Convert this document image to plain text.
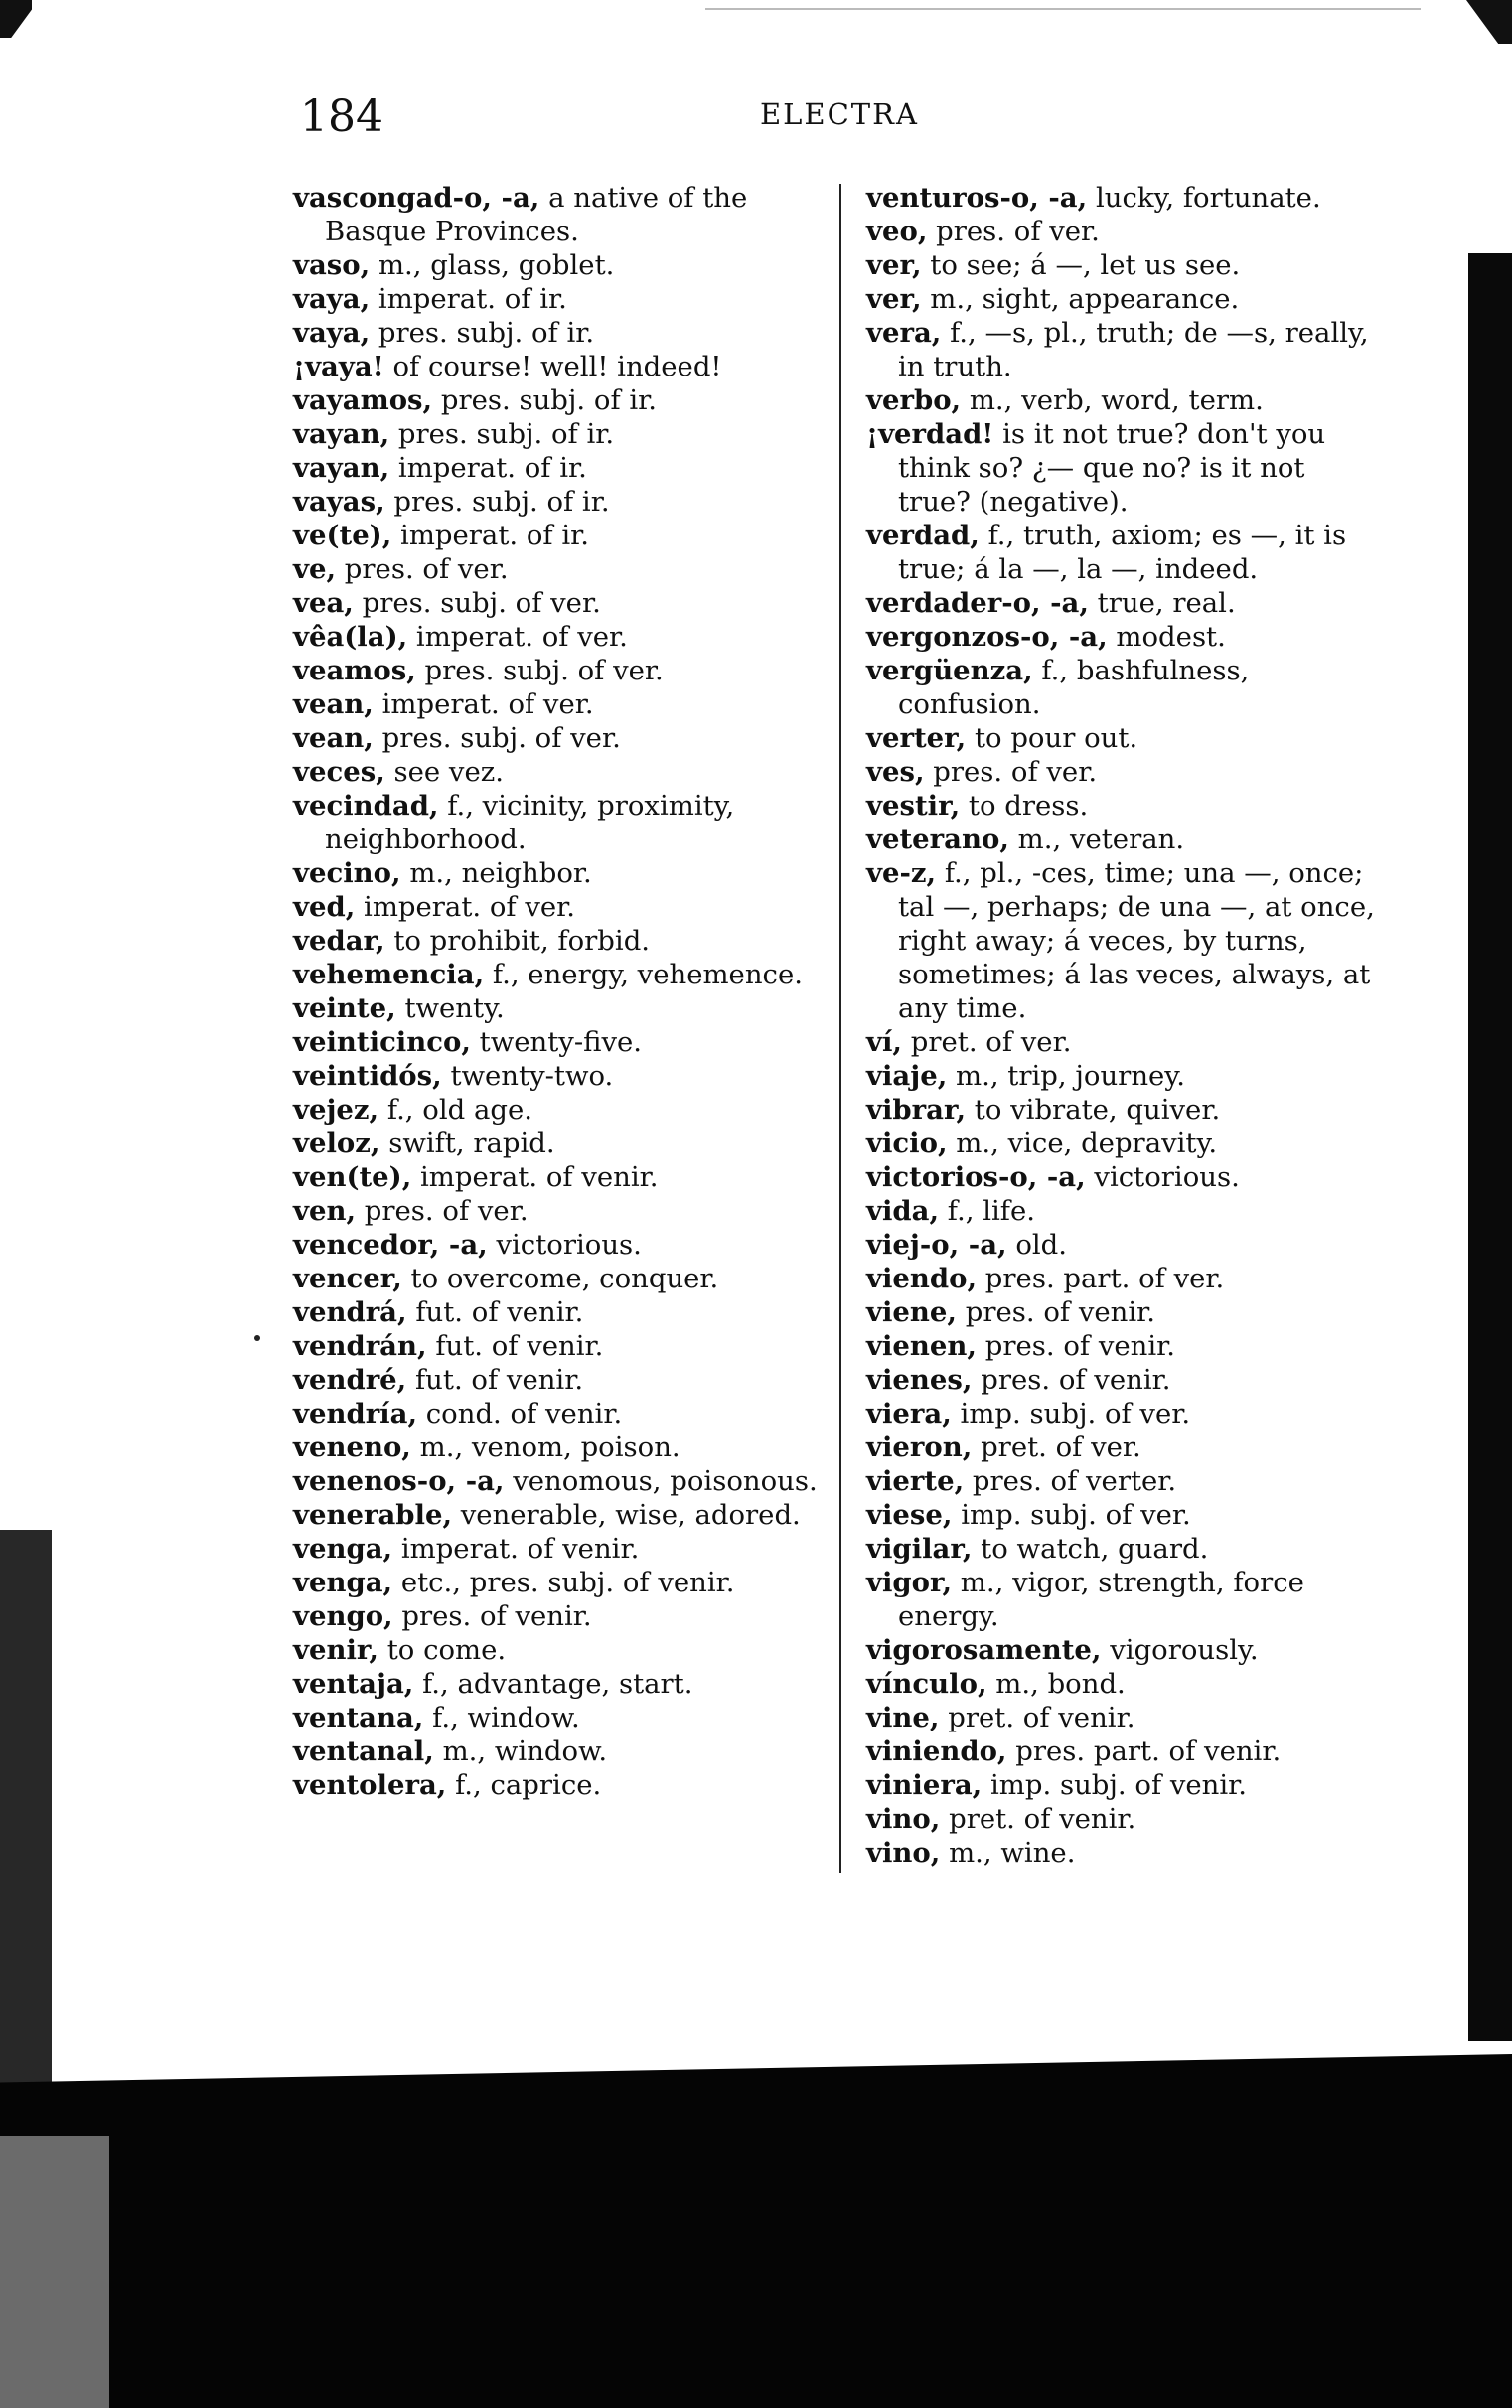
184	ELECTRA
vascongad-o, -a, a native of the Basque Provinces.
vaso, m., glass, goblet.
vaya, imperat. of ir.
vaya, pres. subj. of ir.
¡vaya! of course! well! indeed!
vayamos, pres. subj. of ir.
vayan, pres. subj. of ir.
vayan, imperat. of ir.
vayas, pres. subj. of ir.
ve(te), imperat. of ir.
ve, pres. of ver.
vea, pres. subj. of ver.
vêa(la), imperat. of ver.
veamos, pres. subj. of ver.
vean, imperat. of ver.
vean, pres. subj. of ver.
veces, see vez.
vecindad, f., vicinity, proximity, neighborhood.
vecino, m., neighbor.
ved, imperat. of ver.
vedar, to prohibit, forbid.
vehemencia, f., energy, vehemence.
veinte, twenty.
veinticinco, twenty-five.
veintidós, twenty-two.
vejez, f., old age.
veloz, swift, rapid.
ven(te), imperat. of venir.
ven, pres. of ver.
vencedor, -a, victorious.
vencer, to overcome, conquer.
vendrá, fut. of venir.
vendrán, fut. of venir.
vendré, fut. of venir.
vendría, cond. of venir.
veneno, m., venom, poison.
venenos-o, -a, venomous, poisonous.
venerable, venerable, wise, adored.
venga, imperat. of venir.
venga, etc., pres. subj. of venir.
vengo, pres. of venir.
venir, to come.
ventaja, f., advantage, start.
ventana, f., window.
ventanal, m., window.
ventolera, f., caprice.
venturos-o, -a, lucky, fortunate.
veo, pres. of ver.
ver, to see; á —, let us see.
ver, m., sight, appearance.
vera, f., —s, pl., truth; de —s, really, in truth.
verbo, m., verb, word, term.
¡verdad! is it not true? don't you think so? ¿— que no? is it not true? (negative).
verdad, f., truth, axiom; es —, it is true; á la —, la —, indeed.
verdader-o, -a, true, real.
vergonzos-o, -a, modest.
vergüenza, f., bashfulness, confusion.
verter, to pour out.
ves, pres. of ver.
vestir, to dress.
veterano, m., veteran.
ve-z, f., pl., -ces, time; una —, once; tal —, perhaps; de una —, at once, right away; á veces, by turns, sometimes; á las veces, always, at any time.
ví, pret. of ver.
viaje, m., trip, journey.
vibrar, to vibrate, quiver.
vicio, m., vice, depravity.
victorios-o, -a, victorious.
vida, f., life.
viej-o, -a, old.
viendo, pres. part. of ver.
viene, pres. of venir.
vienen, pres. of venir.
vienes, pres. of venir.
viera, imp. subj. of ver.
vieron, pret. of ver.
vierte, pres. of verter.
viese, imp. subj. of ver.
vigilar, to watch, guard.
vigor, m., vigor, strength, force energy.
vigorosamente, vigorously.
vínculo, m., bond.
vine, pret. of venir.
viniendo, pres. part. of venir.
viniera, imp. subj. of venir.
vino, pret. of venir.
vino, m., wine.
